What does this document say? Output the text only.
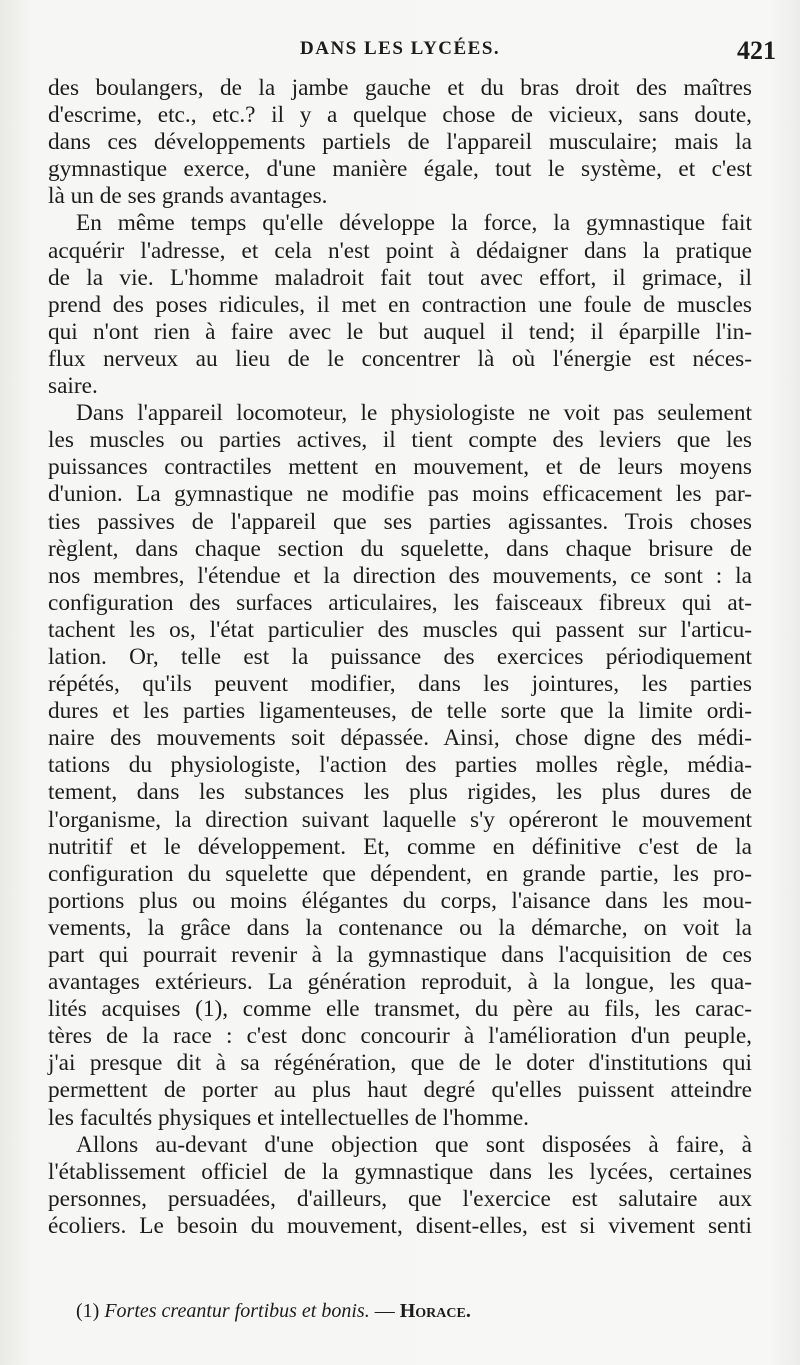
DANS LES LYCÉES.	421
des boulangers, de la jambe gauche et du bras droit des maîtres
d'escrime, etc., etc.? il y a quelque chose de vicieux, sans doute,
dans ces développements partiels de l'appareil musculaire; mais la
gymnastique exerce, d'une manière égale, tout le système, et c'est
là un de ses grands avantages.
En même temps qu'elle développe la force, la gymnastique fait
acquérir l'adresse, et cela n'est point à dédaigner dans la pratique
de la vie. L'homme maladroit fait tout avec effort, il grimace, il
prend des poses ridicules, il met en contraction une foule de muscles
qui n'ont rien à faire avec le but auquel il tend; il éparpille l'in-
flux nerveux au lieu de le concentrer là où l'énergie est néces-
saire.
Dans l'appareil locomoteur, le physiologiste ne voit pas seulement
les muscles ou parties actives, il tient compte des leviers que les
puissances contractiles mettent en mouvement, et de leurs moyens
d'union. La gymnastique ne modifie pas moins efficacement les par-
ties passives de l'appareil que ses parties agissantes. Trois choses
règlent, dans chaque section du squelette, dans chaque brisure de
nos membres, l'étendue et la direction des mouvements, ce sont : la
configuration des surfaces articulaires, les faisceaux fibreux qui at-
tachent les os, l'état particulier des muscles qui passent sur l'articu-
lation. Or, telle est la puissance des exercices périodiquement
répétés, qu'ils peuvent modifier, dans les jointures, les parties
dures et les parties ligamenteuses, de telle sorte que la limite ordi-
naire des mouvements soit dépassée. Ainsi, chose digne des médi-
tations du physiologiste, l'action des parties molles règle, média-
tement, dans les substances les plus rigides, les plus dures de
l'organisme, la direction suivant laquelle s'y opéreront le mouvement
nutritif et le développement. Et, comme en définitive c'est de la
configuration du squelette que dépendent, en grande partie, les pro-
portions plus ou moins élégantes du corps, l'aisance dans les mou-
vements, la grâce dans la contenance ou la démarche, on voit la
part qui pourrait revenir à la gymnastique dans l'acquisition de ces
avantages extérieurs. La génération reproduit, à la longue, les qua-
lités acquises (1), comme elle transmet, du père au fils, les carac-
tères de la race : c'est donc concourir à l'amélioration d'un peuple,
j'ai presque dit à sa régénération, que de le doter d'institutions qui
permettent de porter au plus haut degré qu'elles puissent atteindre
les facultés physiques et intellectuelles de l'homme.
Allons au-devant d'une objection que sont disposées à faire, à
l'établissement officiel de la gymnastique dans les lycées, certaines
personnes, persuadées, d'ailleurs, que l'exercice est salutaire aux
écoliers. Le besoin du mouvement, disent-elles, est si vivement senti
(1) Fortes creantur fortibus et bonis. — Horace.
